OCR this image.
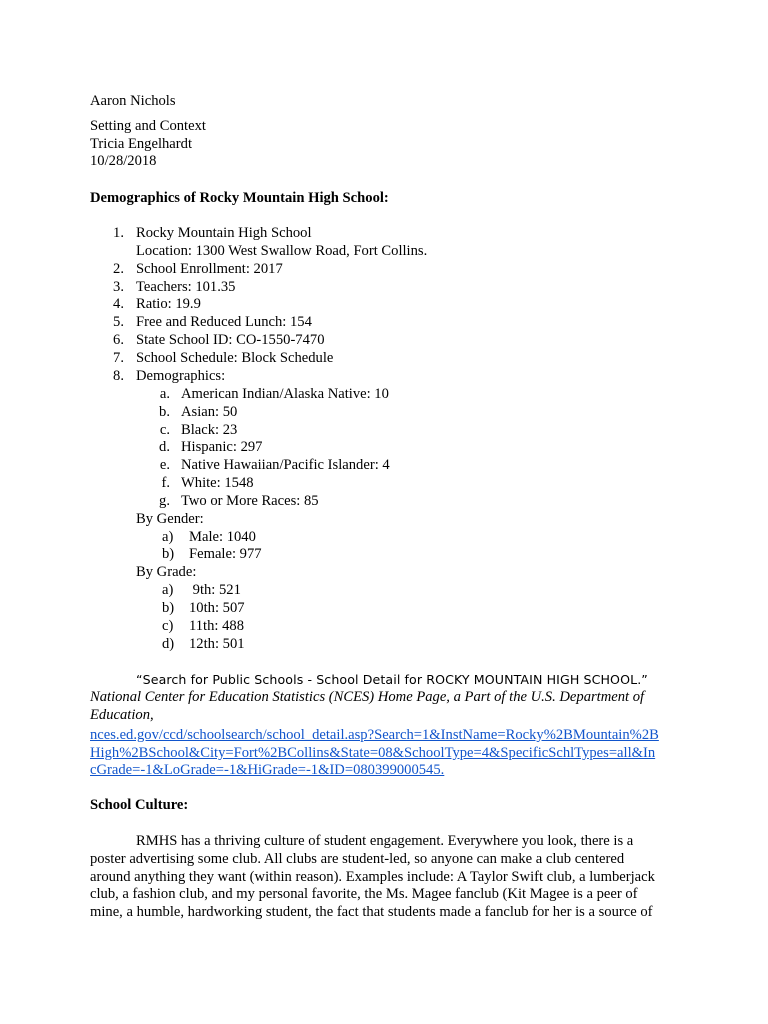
Aaron Nichols
Setting and Context
Tricia Engelhardt
10/28/2018
Demographics of Rocky Mountain High School:
1. Rocky Mountain High School
Location: 1300 West Swallow Road, Fort Collins.
2. School Enrollment: 2017
3. Teachers: 101.35
4. Ratio: 19.9
5. Free and Reduced Lunch: 154
6. State School ID: CO-1550-7470
7. School Schedule: Block Schedule
8. Demographics:
a. American Indian/Alaska Native: 10
b. Asian: 50
c. Black: 23
d. Hispanic: 297
e. Native Hawaiian/Pacific Islander: 4
f. White: 1548
g. Two or More Races: 85
By Gender:
a) Male: 1040
b) Female: 977
By Grade:
a) 9th: 521
b) 10th: 507
c) 11th: 488
d) 12th: 501
“Search for Public Schools - School Detail for ROCKY MOUNTAIN HIGH SCHOOL.”
National Center for Education Statistics (NCES) Home Page, a Part of the U.S. Department of
Education,
nces.ed.gov/ccd/schoolsearch/school_detail.asp?Search=1&InstName=Rocky%2BMountain%2B
High%2BSchool&City=Fort%2BCollins&State=08&SchoolType=4&SpecificSchlTypes=all&In
cGrade=-1&LoGrade=-1&HiGrade=-1&ID=080399000545.
School Culture:
RMHS has a thriving culture of student engagement. Everywhere you look, there is a
poster advertising some club. All clubs are student-led, so anyone can make a club centered
around anything they want (within reason). Examples include: A Taylor Swift club, a lumberjack
club, a fashion club, and my personal favorite, the Ms. Magee fanclub (Kit Magee is a peer of
mine, a humble, hardworking student, the fact that students made a fanclub for her is a source of
